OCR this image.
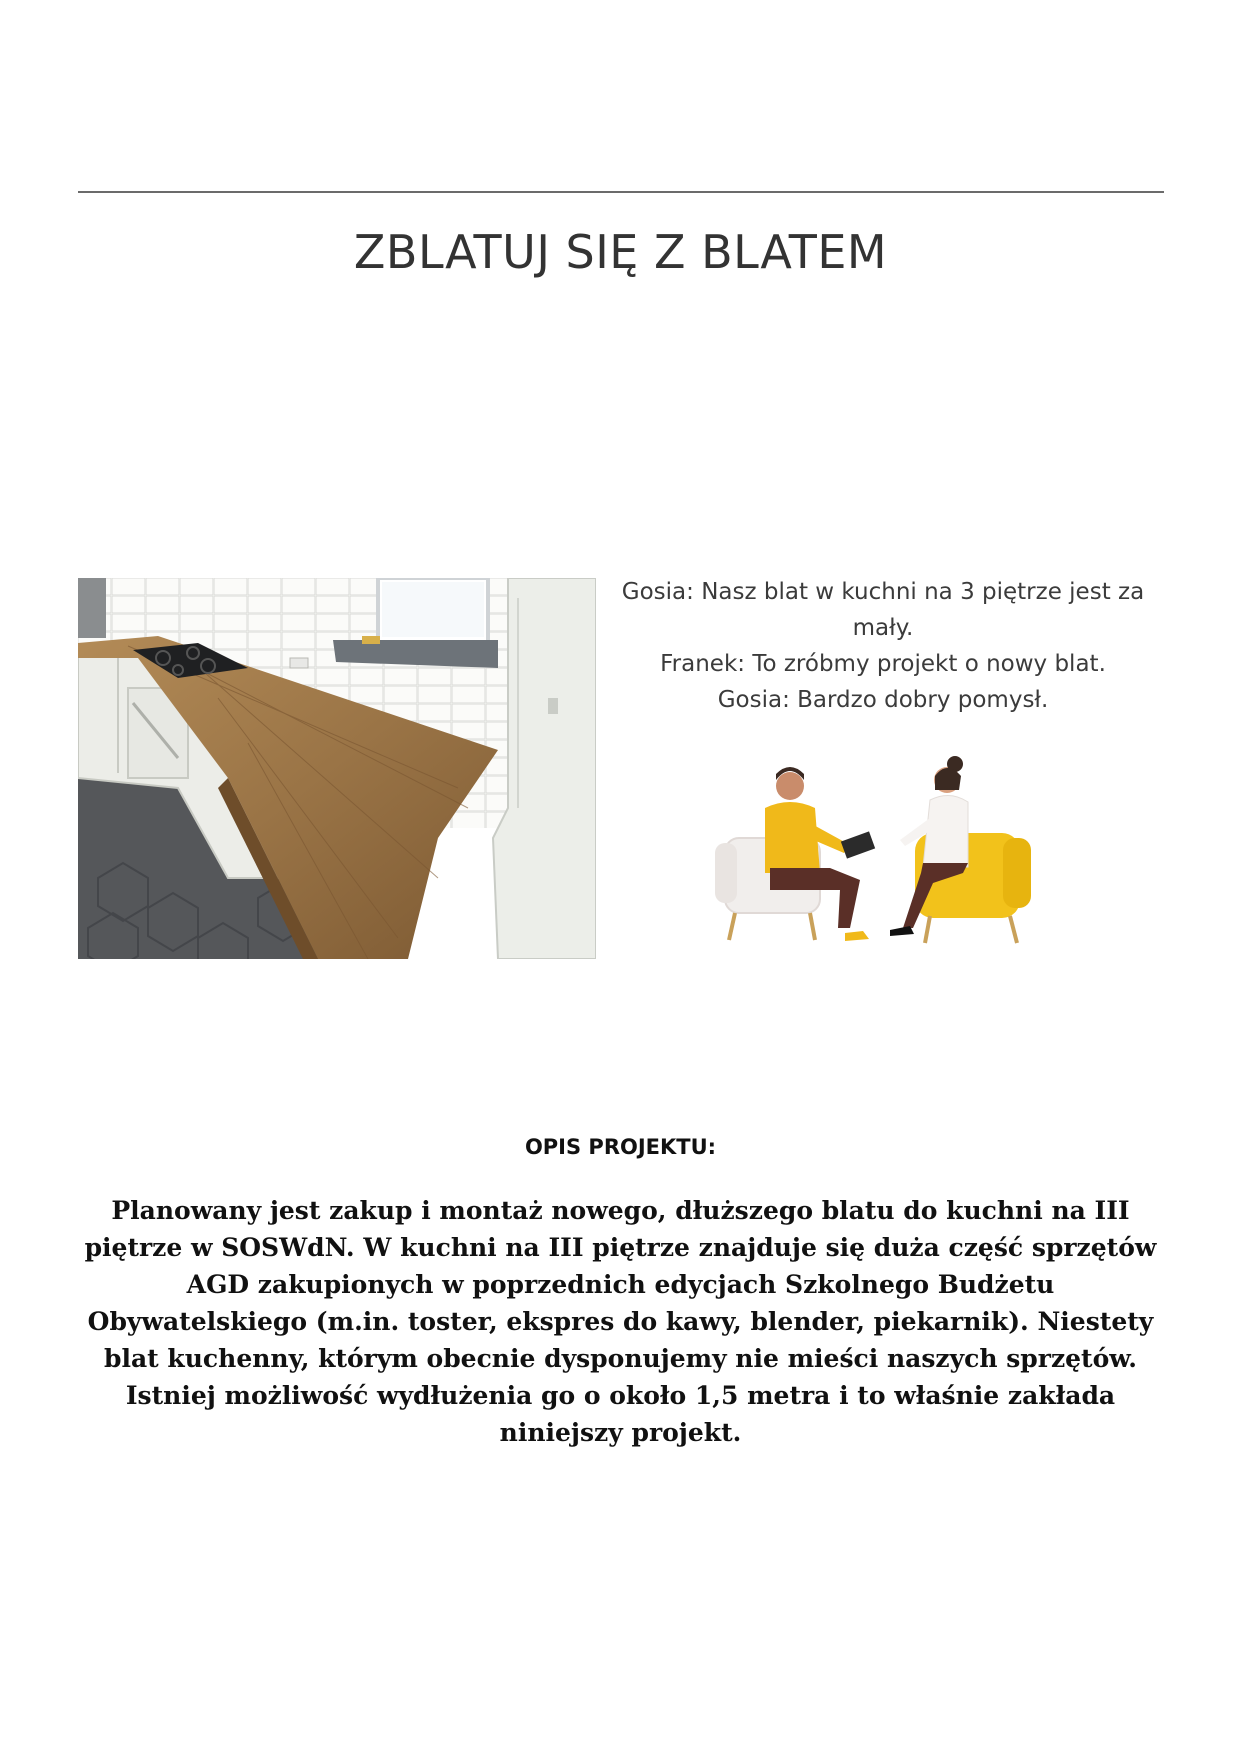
ZBLATUJ SIĘ Z BLATEM
Gosia: Nasz blat w kuchni na 3 piętrze jest za
mały.
Franek: To zróbmy projekt o nowy blat.
Gosia: Bardzo dobry pomysł.
OPIS PROJEKTU:

Planowany jest zakup i montaż nowego, dłuższego blatu do kuchni na III piętrze w SOSWdN. W kuchni na III piętrze znajduje się duża część sprzętów AGD zakupionych w poprzednich edycjach Szkolnego Budżetu Obywatelskiego (m.in. toster, ekspres do kawy, blender, piekarnik). Niestety blat kuchenny, którym obecnie dysponujemy nie mieści naszych sprzętów. Istniej możliwość wydłużenia go o około 1,5 metra i to właśnie zakłada niniejszy projekt.
